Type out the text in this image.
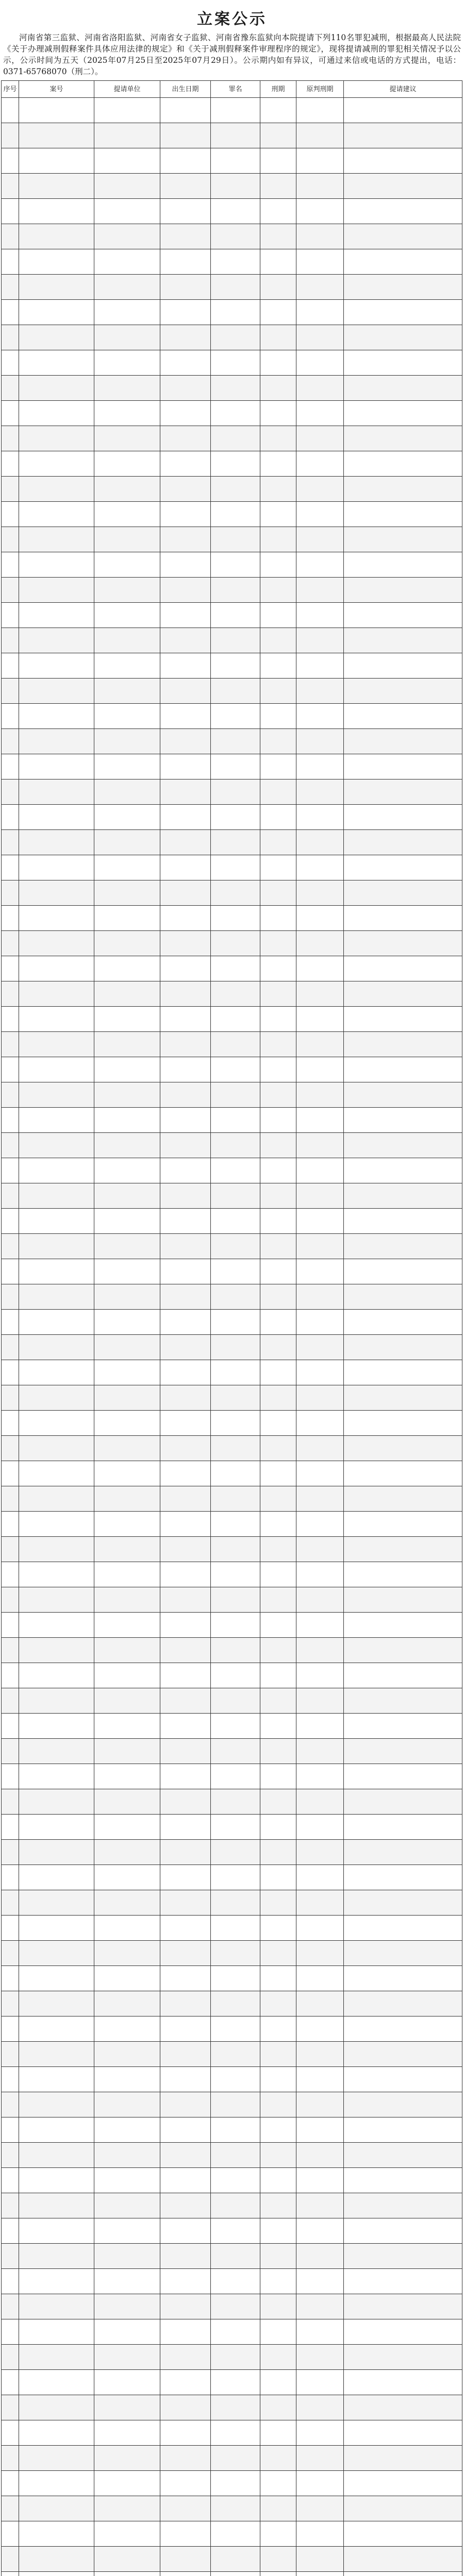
立案公示
河南省第三监狱、河南省洛阳监狱、河南省女子监狱、河南省豫东监狱向本院提请下列110名罪犯减刑，根据最高人民法院《关于办理减刑假释案件具体应用法律的规定》和《关于减刑假释案件审理程序的规定》，现将提请减刑的罪犯相关情况予以公示，公示时间为五天（2025年07月25日至2025年07月29日）。公示期内如有异议，可通过来信或电话的方式提出，电话：0371-65768070（刑二）。
序号	案号	提请单位	出生日期	罪名	刑期	原判刑期	提请建议
